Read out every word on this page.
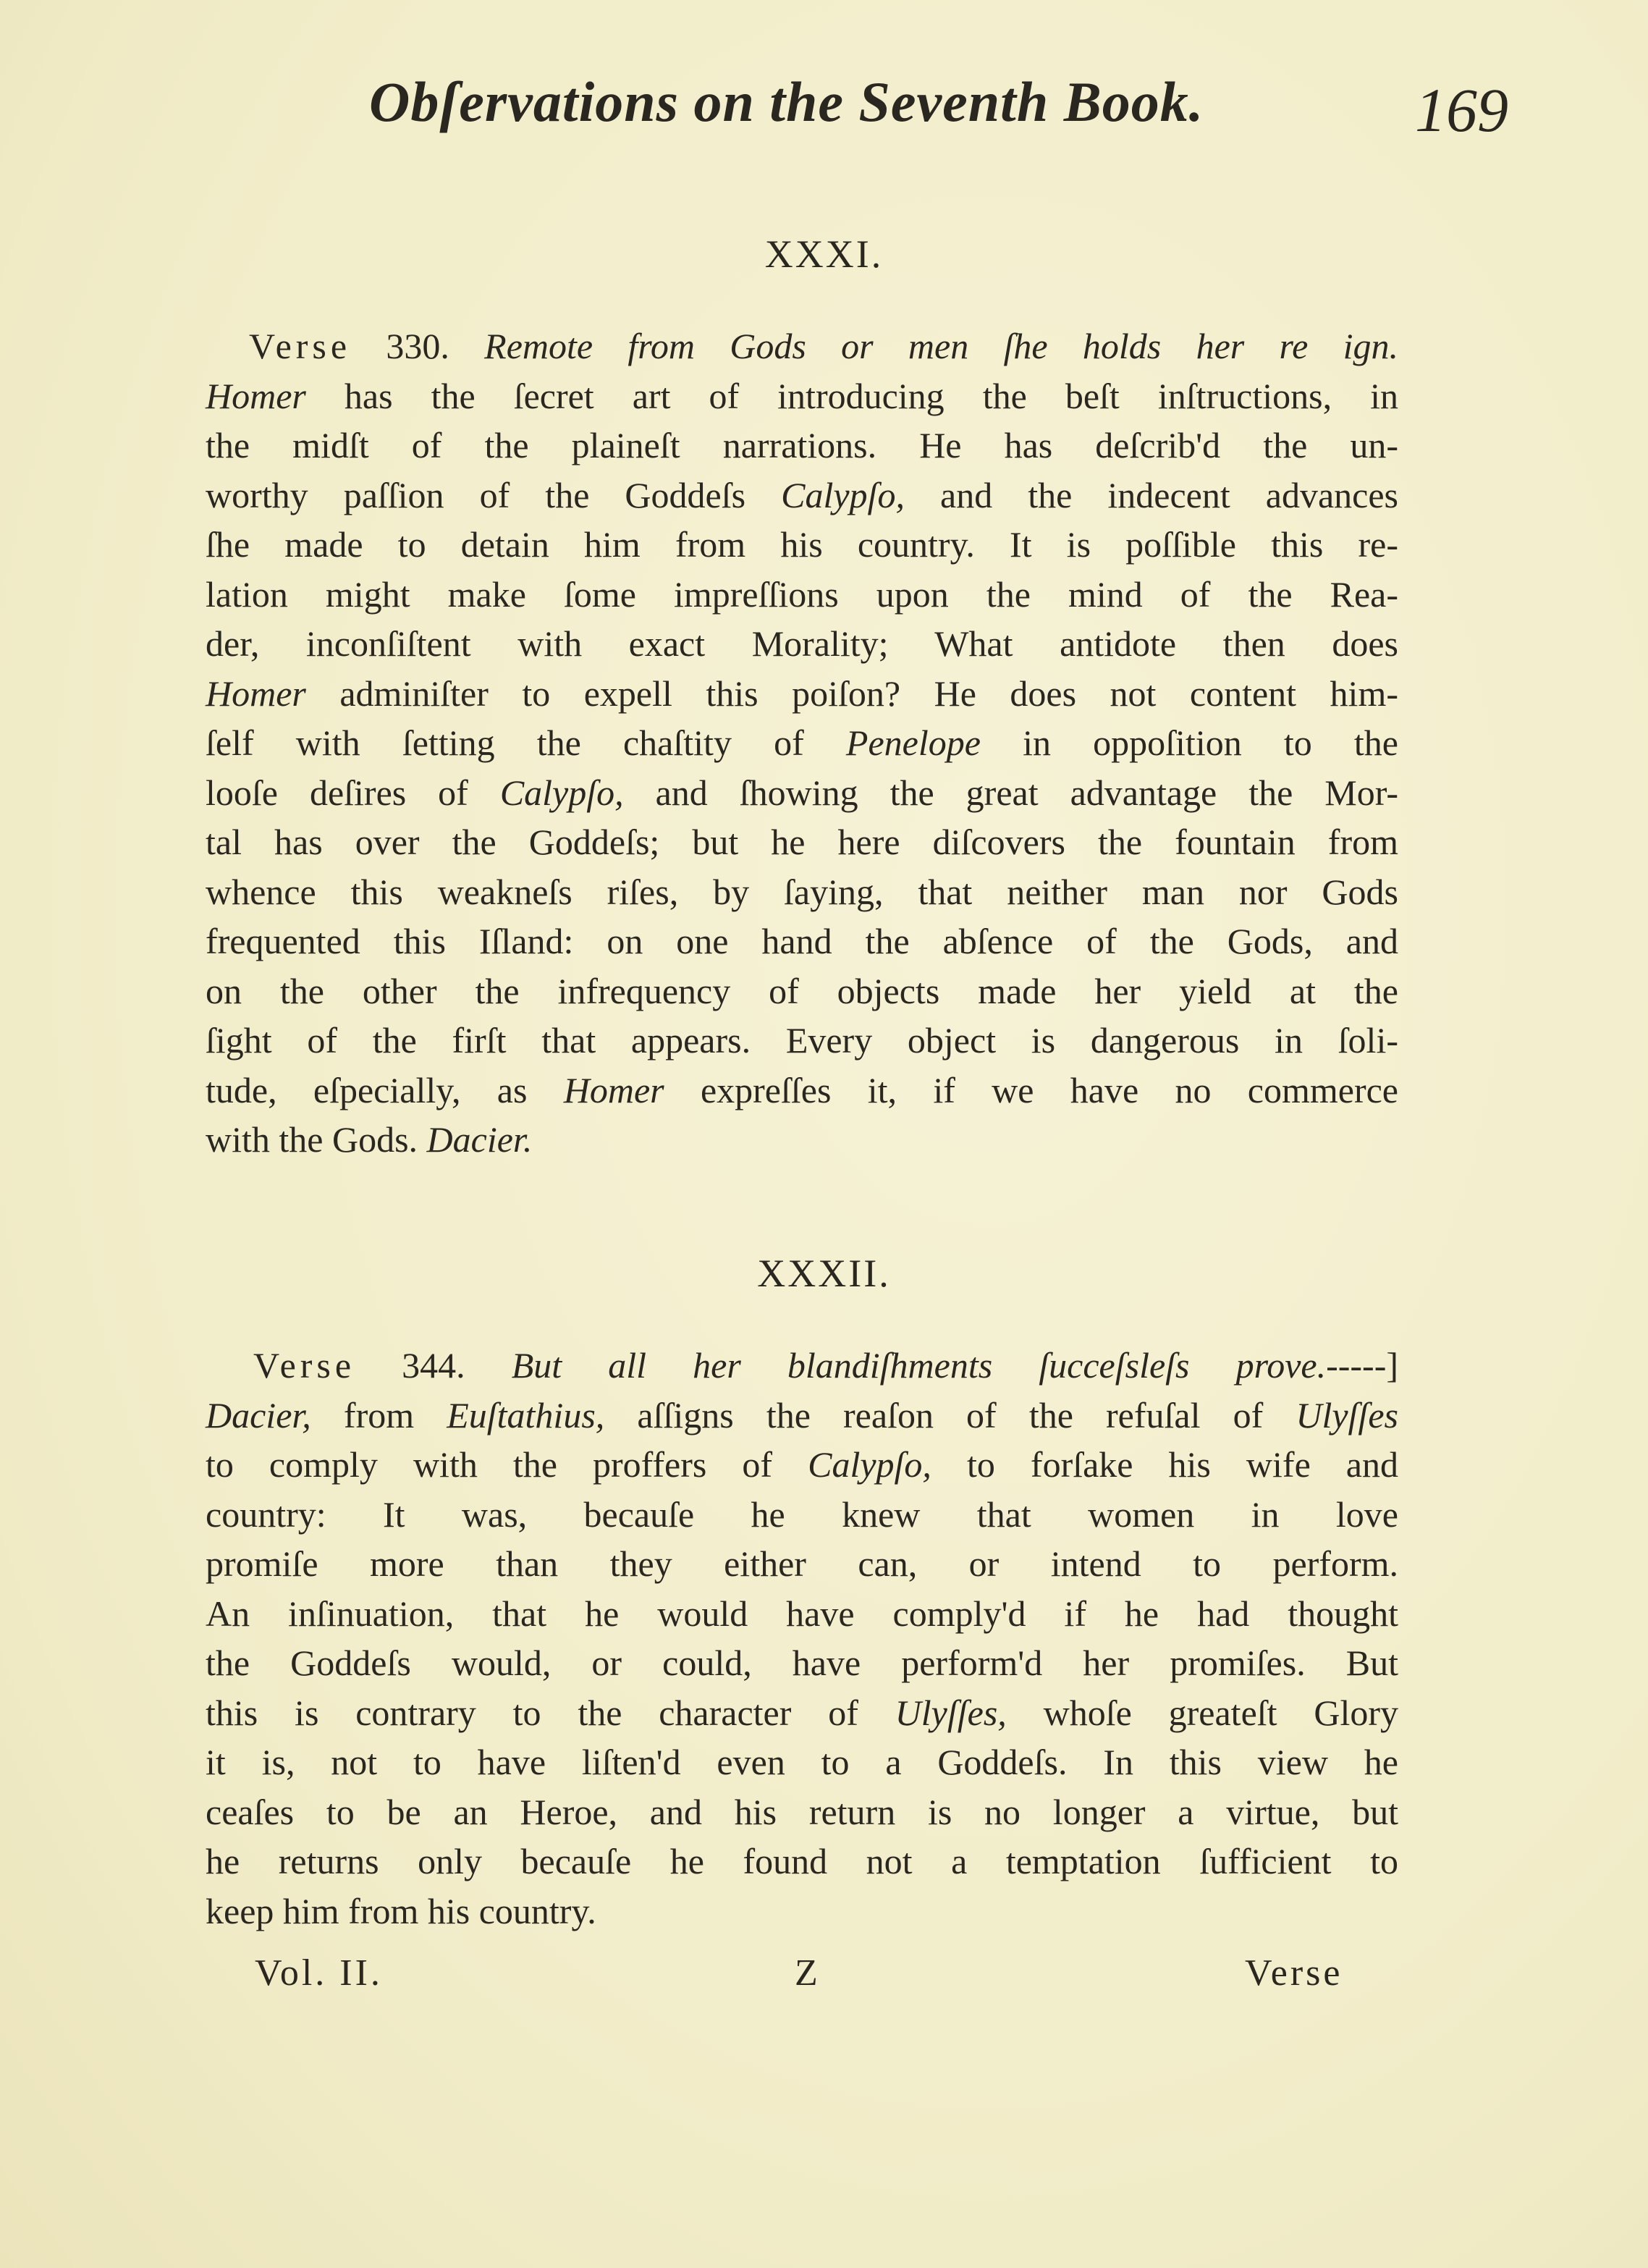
Obſervations on the Seventh Book.	169
XXXI.
Verse 330. Remote from Gods or men ſhe holds her re ign.
Homer has the ſecret art of introducing the beſt inſtructions, in
the midſt of the plaineſt narrations. He has deſcrib'd the un-
worthy paſſion of the Goddeſs Calypſo, and the indecent advances
ſhe made to detain him from his country. It is poſſible this re-
lation might make ſome impreſſions upon the mind of the Rea-
der, inconſiſtent with exact Morality; What antidote then does
Homer adminiſter to expell this poiſon? He does not content him-
ſelf with ſetting the chaſtity of Penelope in oppoſition to the
looſe deſires of Calypſo, and ſhowing the great advantage the Mor-
tal has over the Goddeſs; but he here diſcovers the fountain from
whence this weakneſs riſes, by ſaying, that neither man nor Gods
frequented this Iſland: on one hand the abſence of the Gods, and
on the other the infrequency of objects made her yield at the
ſight of the firſt that appears. Every object is dangerous in ſoli-
tude, eſpecially, as Homer expreſſes it, if we have no commerce
with the Gods. Dacier.
XXXII.
Verse 344. But all her blandiſhments ſucceſsleſs prove.-----]
Dacier, from Euſtathius, aſſigns the reaſon of the refuſal of Ulyſſes
to comply with the proffers of Calypſo, to forſake his wife and
country: It was, becauſe he knew that women in love
promiſe more than they either can, or intend to perform.
An inſinuation, that he would have comply'd if he had thought
the Goddeſs would, or could, have perform'd her promiſes. But
this is contrary to the character of Ulyſſes, whoſe greateſt Glory
it is, not to have liſten'd even to a Goddeſs. In this view he
ceaſes to be an Heroe, and his return is no longer a virtue, but
he returns only becauſe he found not a temptation ſufficient to
keep him from his country.
Vol. II.	Z	Verse
